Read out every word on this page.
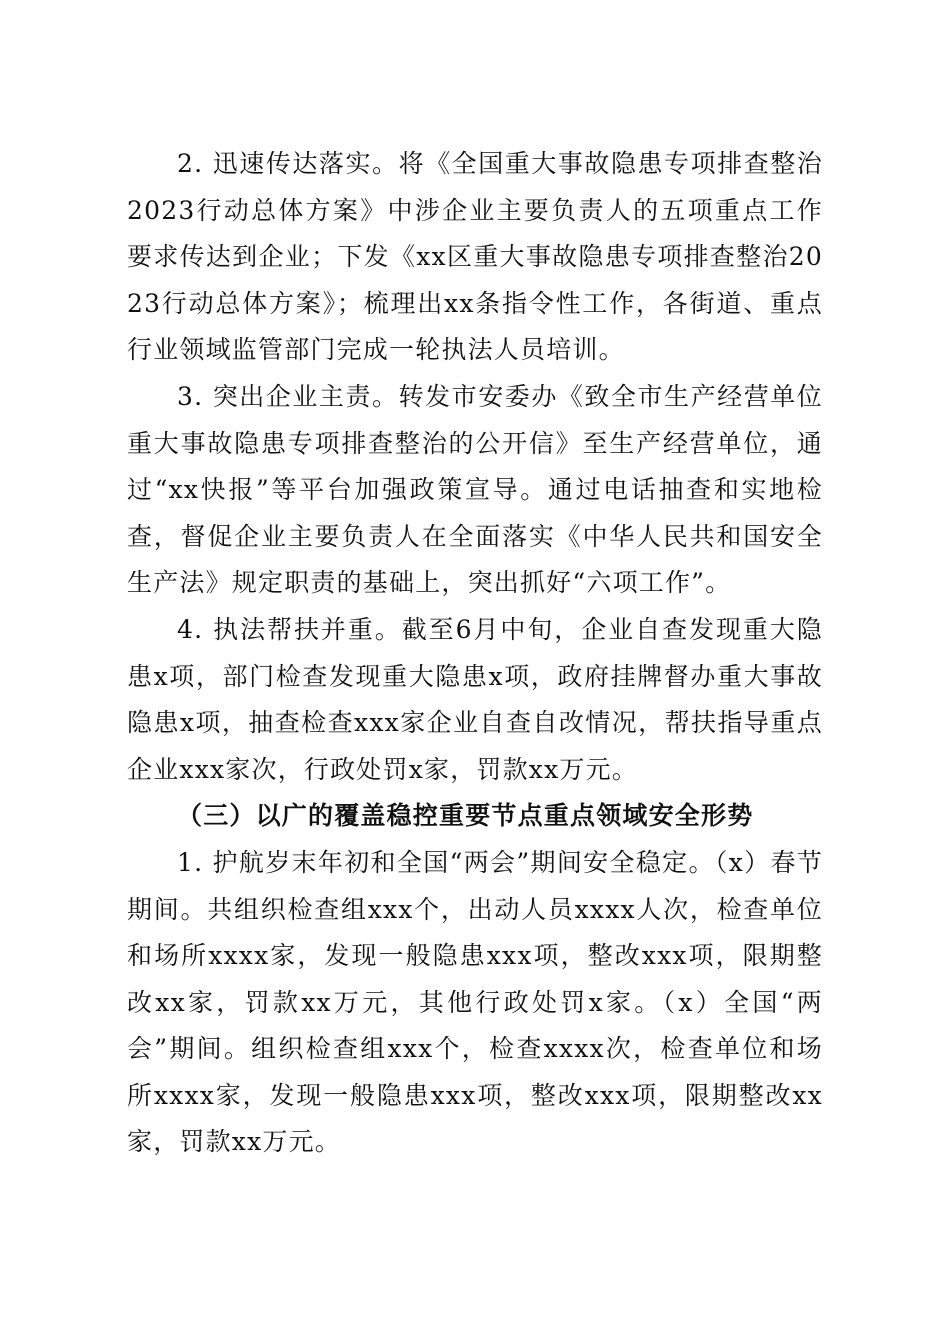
2. 迅速传达落实。将《全国重大事故隐患专项排查整治2023行动总体方案》中涉企业主要负责人的五项重点工作要求传达到企业；下发《xx区重大事故隐患专项排查整治2023行动总体方案》；梳理出xx条指令性工作，各街道、重点行业领域监管部门完成一轮执法人员培训。

3. 突出企业主责。转发市安委办《致全市生产经营单位重大事故隐患专项排查整治的公开信》至生产经营单位，通过“xx快报”等平台加强政策宣导。通过电话抽查和实地检查，督促企业主要负责人在全面落实《中华人民共和国安全生产法》规定职责的基础上，突出抓好“六项工作”。

4. 执法帮扶并重。截至6月中旬，企业自查发现重大隐患x项，部门检查发现重大隐患x项，政府挂牌督办重大事故隐患x项，抽查检查xxx家企业自查自改情况，帮扶指导重点企业xxx家次，行政处罚x家，罚款xx万元。

（三）以广的覆盖稳控重要节点重点领域安全形势

1. 护航岁末年初和全国“两会”期间安全稳定。（x）春节期间。共组织检查组xxx个，出动人员xxxx人次，检查单位和场所xxxx家，发现一般隐患xxx项，整改xxx项，限期整改xx家，罚款xx万元，其他行政处罚x家。（x）全国“两会”期间。组织检查组xxx个，检查xxxx次，检查单位和场所xxxx家，发现一般隐患xxx项，整改xxx项，限期整改xx家，罚款xx万元。
